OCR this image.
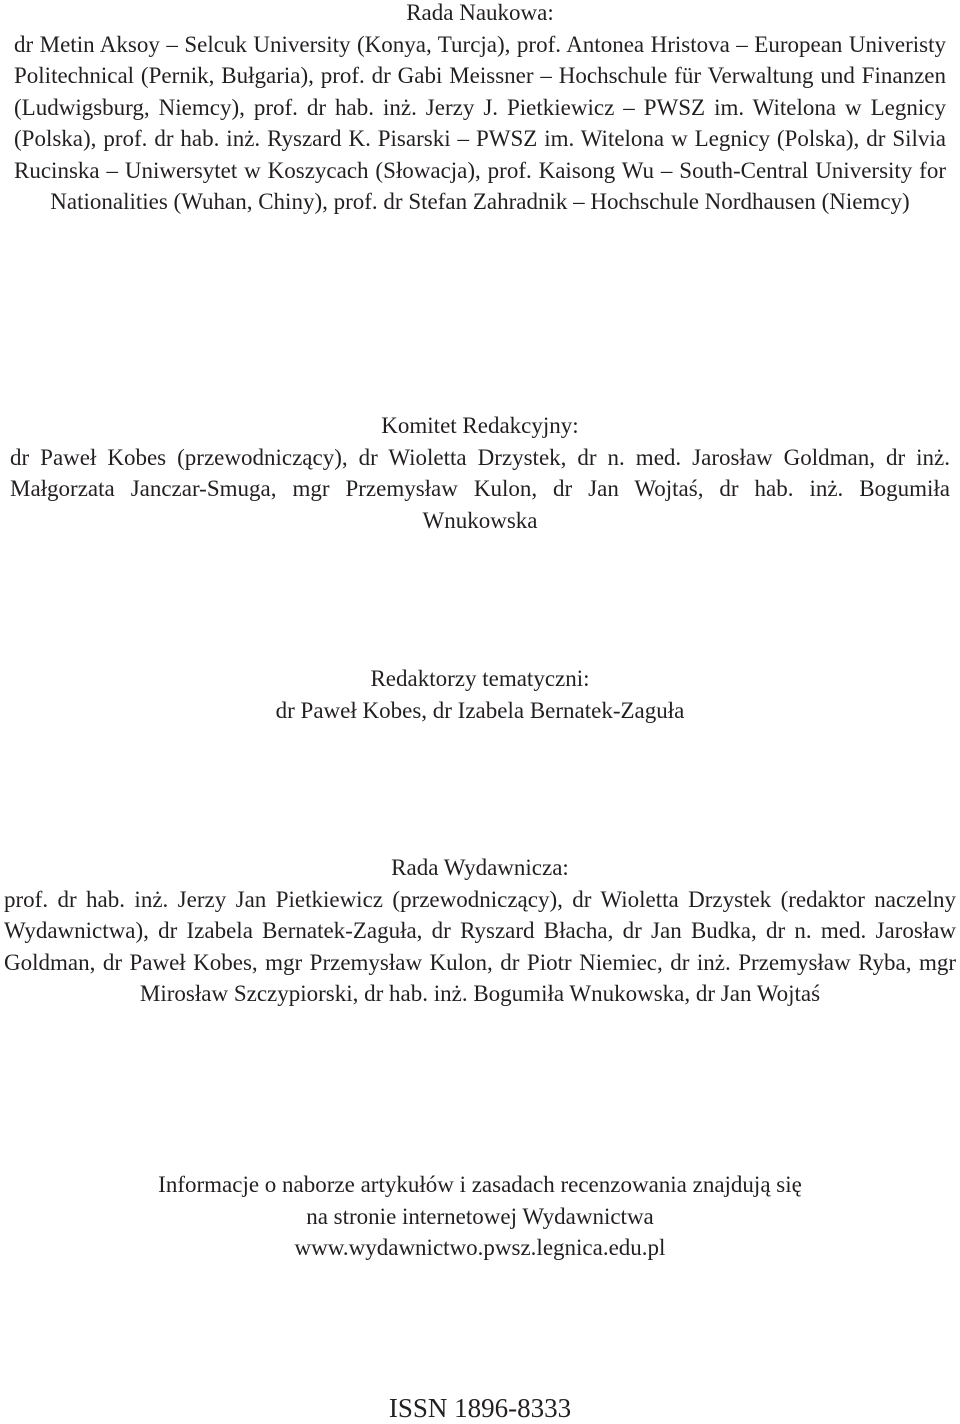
Rada Naukowa:
dr Metin Aksoy – Selcuk University (Konya, Turcja), prof. Antonea Hristova – European Univeristy Politechnical (Pernik, Bułgaria), prof. dr Gabi Meissner – Hochschule für Verwaltung und Finanzen (Ludwigsburg, Niemcy), prof. dr hab. inż. Jerzy J. Pietkiewicz – PWSZ im. Witelona w Legnicy (Polska), prof. dr hab. inż. Ryszard K. Pisarski – PWSZ im. Witelona w Legnicy (Polska), dr Silvia Rucinska – Uniwersytet w Koszycach (Słowacja), prof. Kaisong Wu – South-Central University for Nationalities (Wuhan, Chiny), prof. dr Stefan Zahradnik – Hochschule Nordhausen (Niemcy)
Komitet Redakcyjny:
dr Paweł Kobes (przewodniczący), dr Wioletta Drzystek, dr n. med. Jarosław Goldman, dr inż. Małgorzata Janczar-Smuga, mgr Przemysław Kulon, dr Jan Wojtaś, dr hab. inż. Bogumiła Wnukowska
Redaktorzy tematyczni:
dr Paweł Kobes, dr Izabela Bernatek-Zaguła
Rada Wydawnicza:
prof. dr hab. inż. Jerzy Jan Pietkiewicz (przewodniczący), dr Wioletta Drzystek (redaktor naczelny Wydawnictwa), dr Izabela Bernatek-Zaguła, dr Ryszard Błacha, dr Jan Budka, dr n. med. Jarosław Goldman, dr Paweł Kobes, mgr Przemysław Kulon, dr Piotr Niemiec, dr inż. Przemysław Ryba, mgr Mirosław Szczypiorski, dr hab. inż. Bogumiła Wnukowska, dr Jan Wojtaś
Informacje o naborze artykułów i zasadach recenzowania znajdują się
na stronie internetowej Wydawnictwa
www.wydawnictwo.pwsz.legnica.edu.pl
ISSN 1896-8333
